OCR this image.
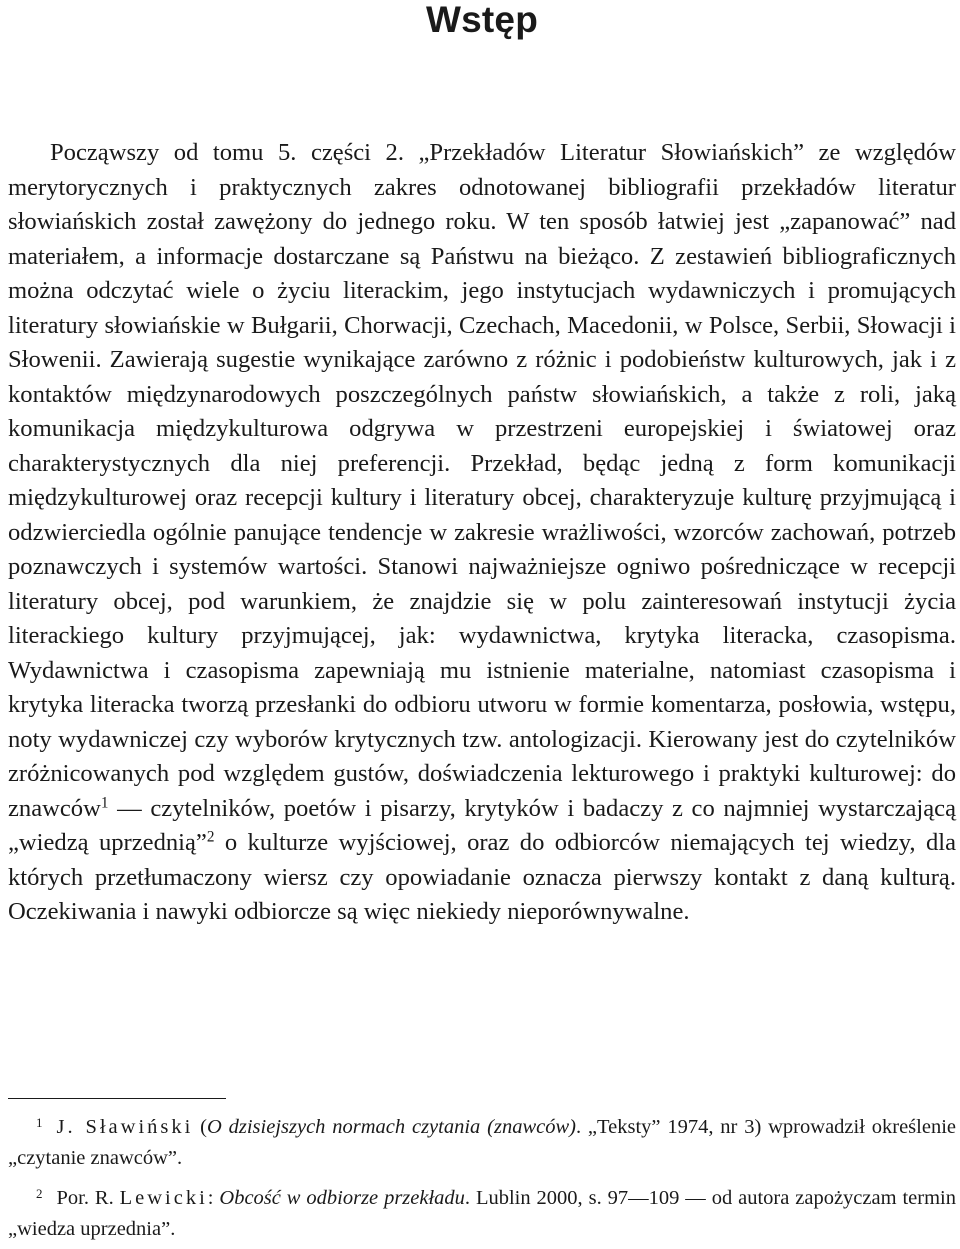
Wstęp

Począwszy od tomu 5. części 2. „Przekładów Literatur Słowiańskich” ze względów merytorycznych i praktycznych zakres odnotowanej bibliografii przekładów literatur słowiańskich został zawężony do jednego roku. W ten sposób łatwiej jest „zapanować” nad materiałem, a informacje dostarczane są Państwu na bieżąco. Z zestawień bibliograficznych można odczytać wiele o życiu literackim, jego instytucjach wydawniczych i promujących literatury słowiańskie w Bułgarii, Chorwacji, Czechach, Macedonii, w Polsce, Serbii, Słowacji i Słowenii. Zawierają sugestie wynikające zarówno z różnic i podobieństw kulturowych, jak i z kontaktów międzynarodowych poszczególnych państw słowiańskich, a także z roli, jaką komunikacja międzykulturowa odgrywa w przestrzeni europejskiej i światowej oraz charakterystycznych dla niej preferencji. Przekład, będąc jedną z form komunikacji międzykulturowej oraz recepcji kultury i literatury obcej, charakteryzuje kulturę przyjmującą i odzwierciedla ogólnie panujące tendencje w zakresie wrażliwości, wzorców zachowań, potrzeb poznawczych i systemów wartości. Stanowi najważniejsze ogniwo pośredniczące w recepcji literatury obcej, pod warunkiem, że znajdzie się w polu zainteresowań instytucji życia literackiego kultury przyjmującej, jak: wydawnictwa, krytyka literacka, czasopisma. Wydawnictwa i czasopisma zapewniają mu istnienie materialne, natomiast czasopisma i krytyka literacka tworzą przesłanki do odbioru utworu w formie komentarza, posłowia, wstępu, noty wydawniczej czy wyborów krytycznych tzw. antologizacji. Kierowany jest do czytelników zróżnicowanych pod względem gustów, doświadczenia lekturowego i praktyki kulturowej: do znawców$^1$ — czytelników, poetów i pisarzy, krytyków i badaczy z co najmniej wystarczającą „wiedzą uprzednią”$^2$ o kulturze wyjściowej, oraz do odbiorców niemających tej wiedzy, dla których przetłumaczony wiersz czy opowiadanie oznacza pierwszy kontakt z daną kulturą. Oczekiwania i nawyki odbiorcze są więc niekiedy nieporównywalne.

$^1$ J. Sławiński (O dzisiejszych normach czytania (znawców). „Teksty” 1974, nr 3) wprowadził określenie „czytanie znawców”.

$^2$ Por. R. Lewicki: Obcość w odbiorze przekładu. Lublin 2000, s. 97—109 — od autora zapożyczam termin „wiedza uprzednia”.
